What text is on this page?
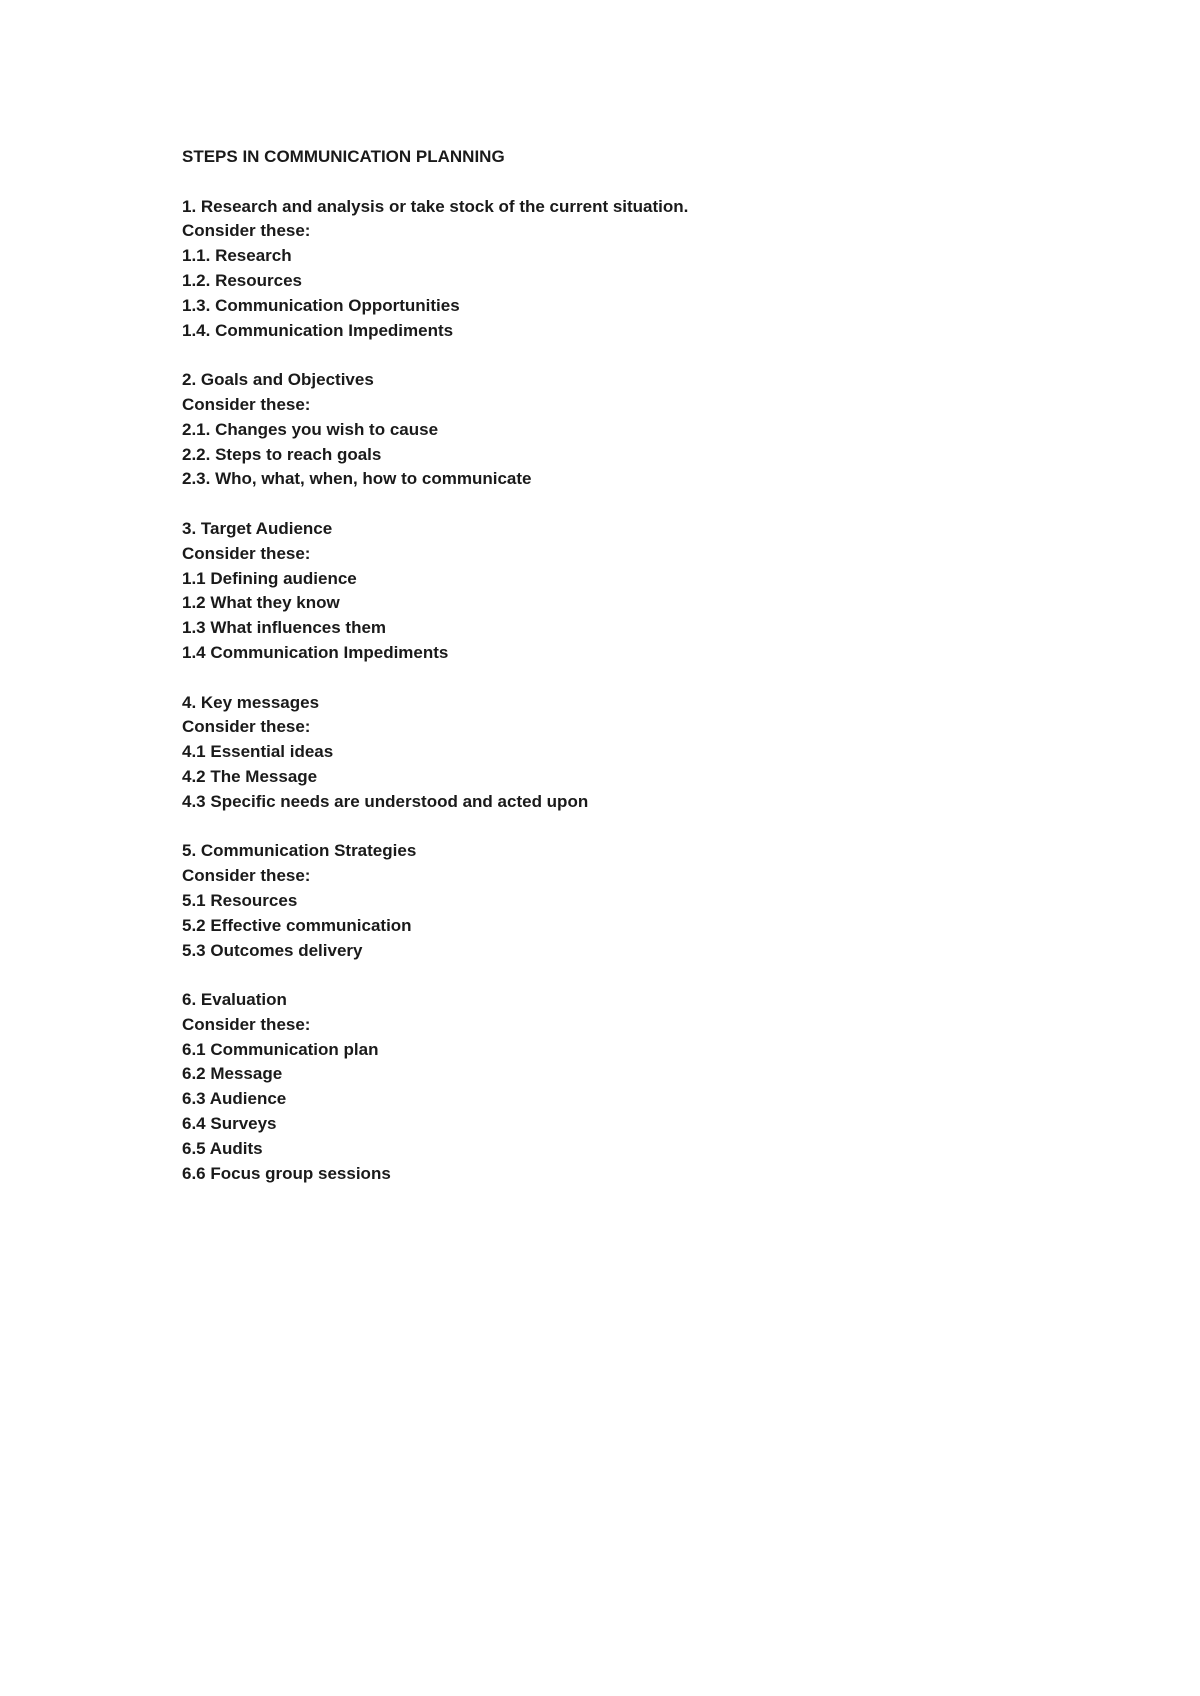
STEPS IN COMMUNICATION PLANNING
1. Research and analysis or take stock of the current situation.
Consider these:
1.1. Research
1.2. Resources
1.3. Communication Opportunities
1.4. Communication Impediments
2. Goals and Objectives
Consider these:
2.1. Changes you wish to cause
2.2. Steps to reach goals
2.3. Who, what, when, how to communicate
3. Target Audience
Consider these:
1.1 Defining audience
1.2 What they know
1.3 What influences them
1.4 Communication Impediments
4. Key messages
Consider these:
4.1 Essential ideas
4.2 The Message
4.3 Specific needs are understood and acted upon
5. Communication Strategies
Consider these:
5.1 Resources
5.2 Effective communication
5.3 Outcomes delivery
6. Evaluation
Consider these:
6.1 Communication plan
6.2 Message
6.3 Audience
6.4 Surveys
6.5 Audits
6.6 Focus group sessions
